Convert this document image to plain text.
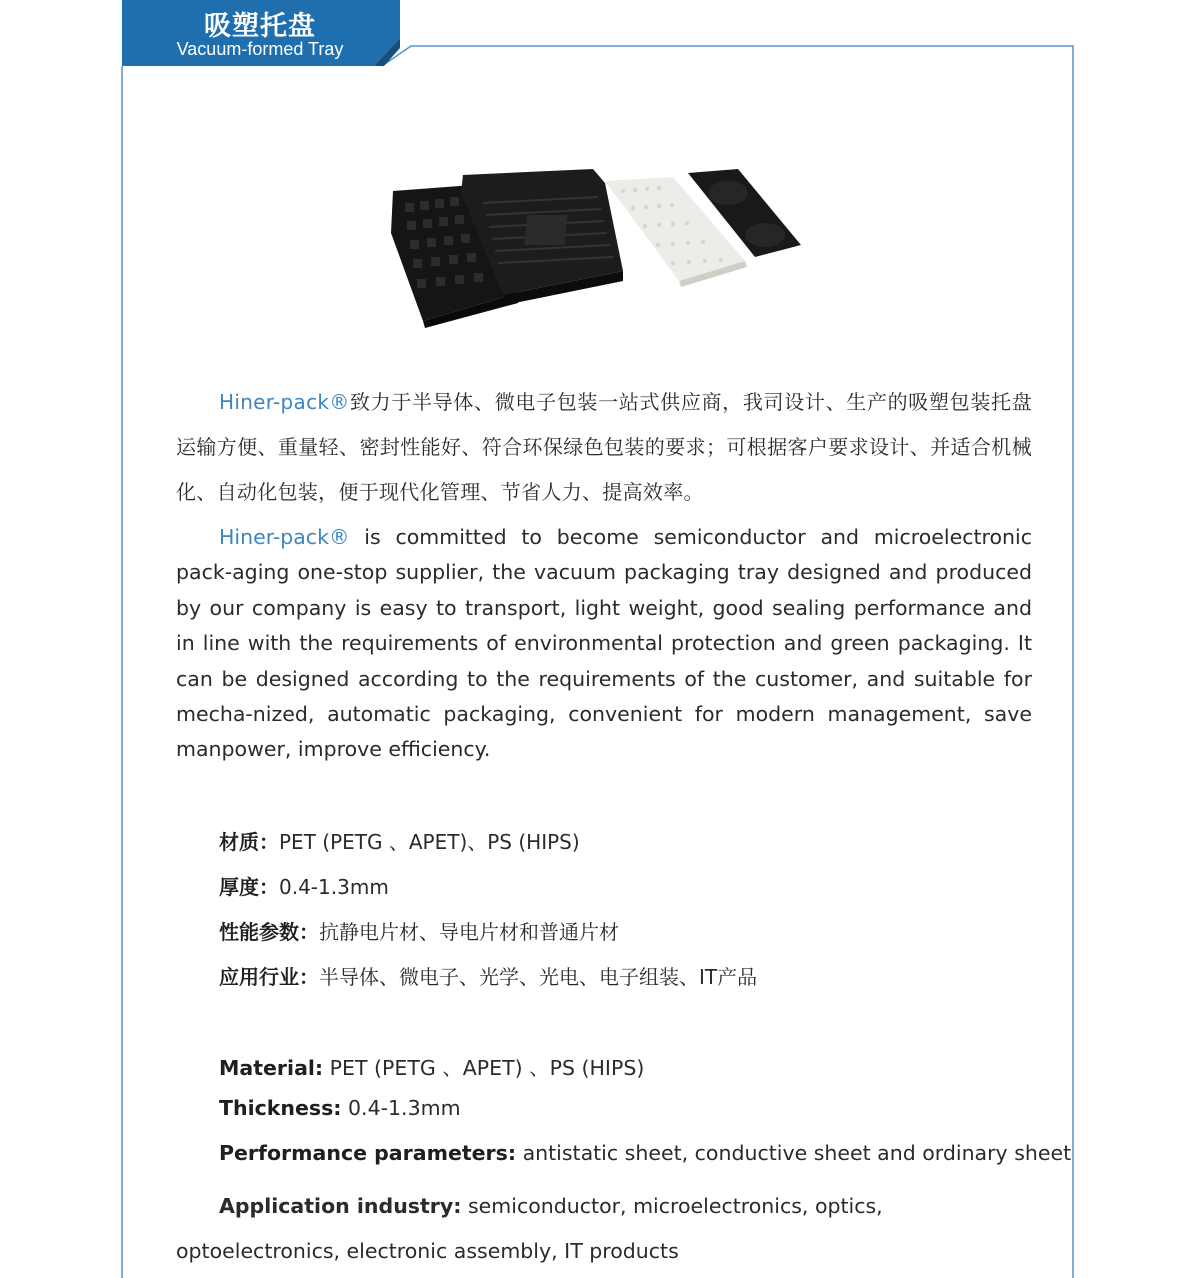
吸塑托盘
Vacuum-formed Tray

Hiner-pack®致力于半导体、微电子包装一站式供应商，我司设计、生产的吸塑包装托盘运输方便、重量轻、密封性能好、符合环保绿色包装的要求；可根据客户要求设计、并适合机械化、自动化包装，便于现代化管理、节省人力、提高效率。

Hiner-pack® is committed to become semiconductor and microelectronic pack-aging one-stop supplier, the vacuum packaging tray designed and produced by our company is easy to transport, light weight, good sealing performance and in line with the requirements of environmental protection and green packaging. It can be designed according to the requirements of the customer, and suitable for mecha-nized, automatic packaging, convenient for modern management, save manpower, improve efficiency.

材质：PET (PETG 、APET)、PS (HIPS)

厚度：0.4-1.3mm

性能参数：抗静电片材、导电片材和普通片材

应用行业：半导体、微电子、光学、光电、电子组装、IT产品

Material: PET (PETG 、APET) 、PS (HIPS)

Thickness: 0.4-1.3mm

Performance parameters: antistatic sheet, conductive sheet and ordinary sheet

Application industry: semiconductor, microelectronics, optics, optoelectronics, electronic assembly, IT products
